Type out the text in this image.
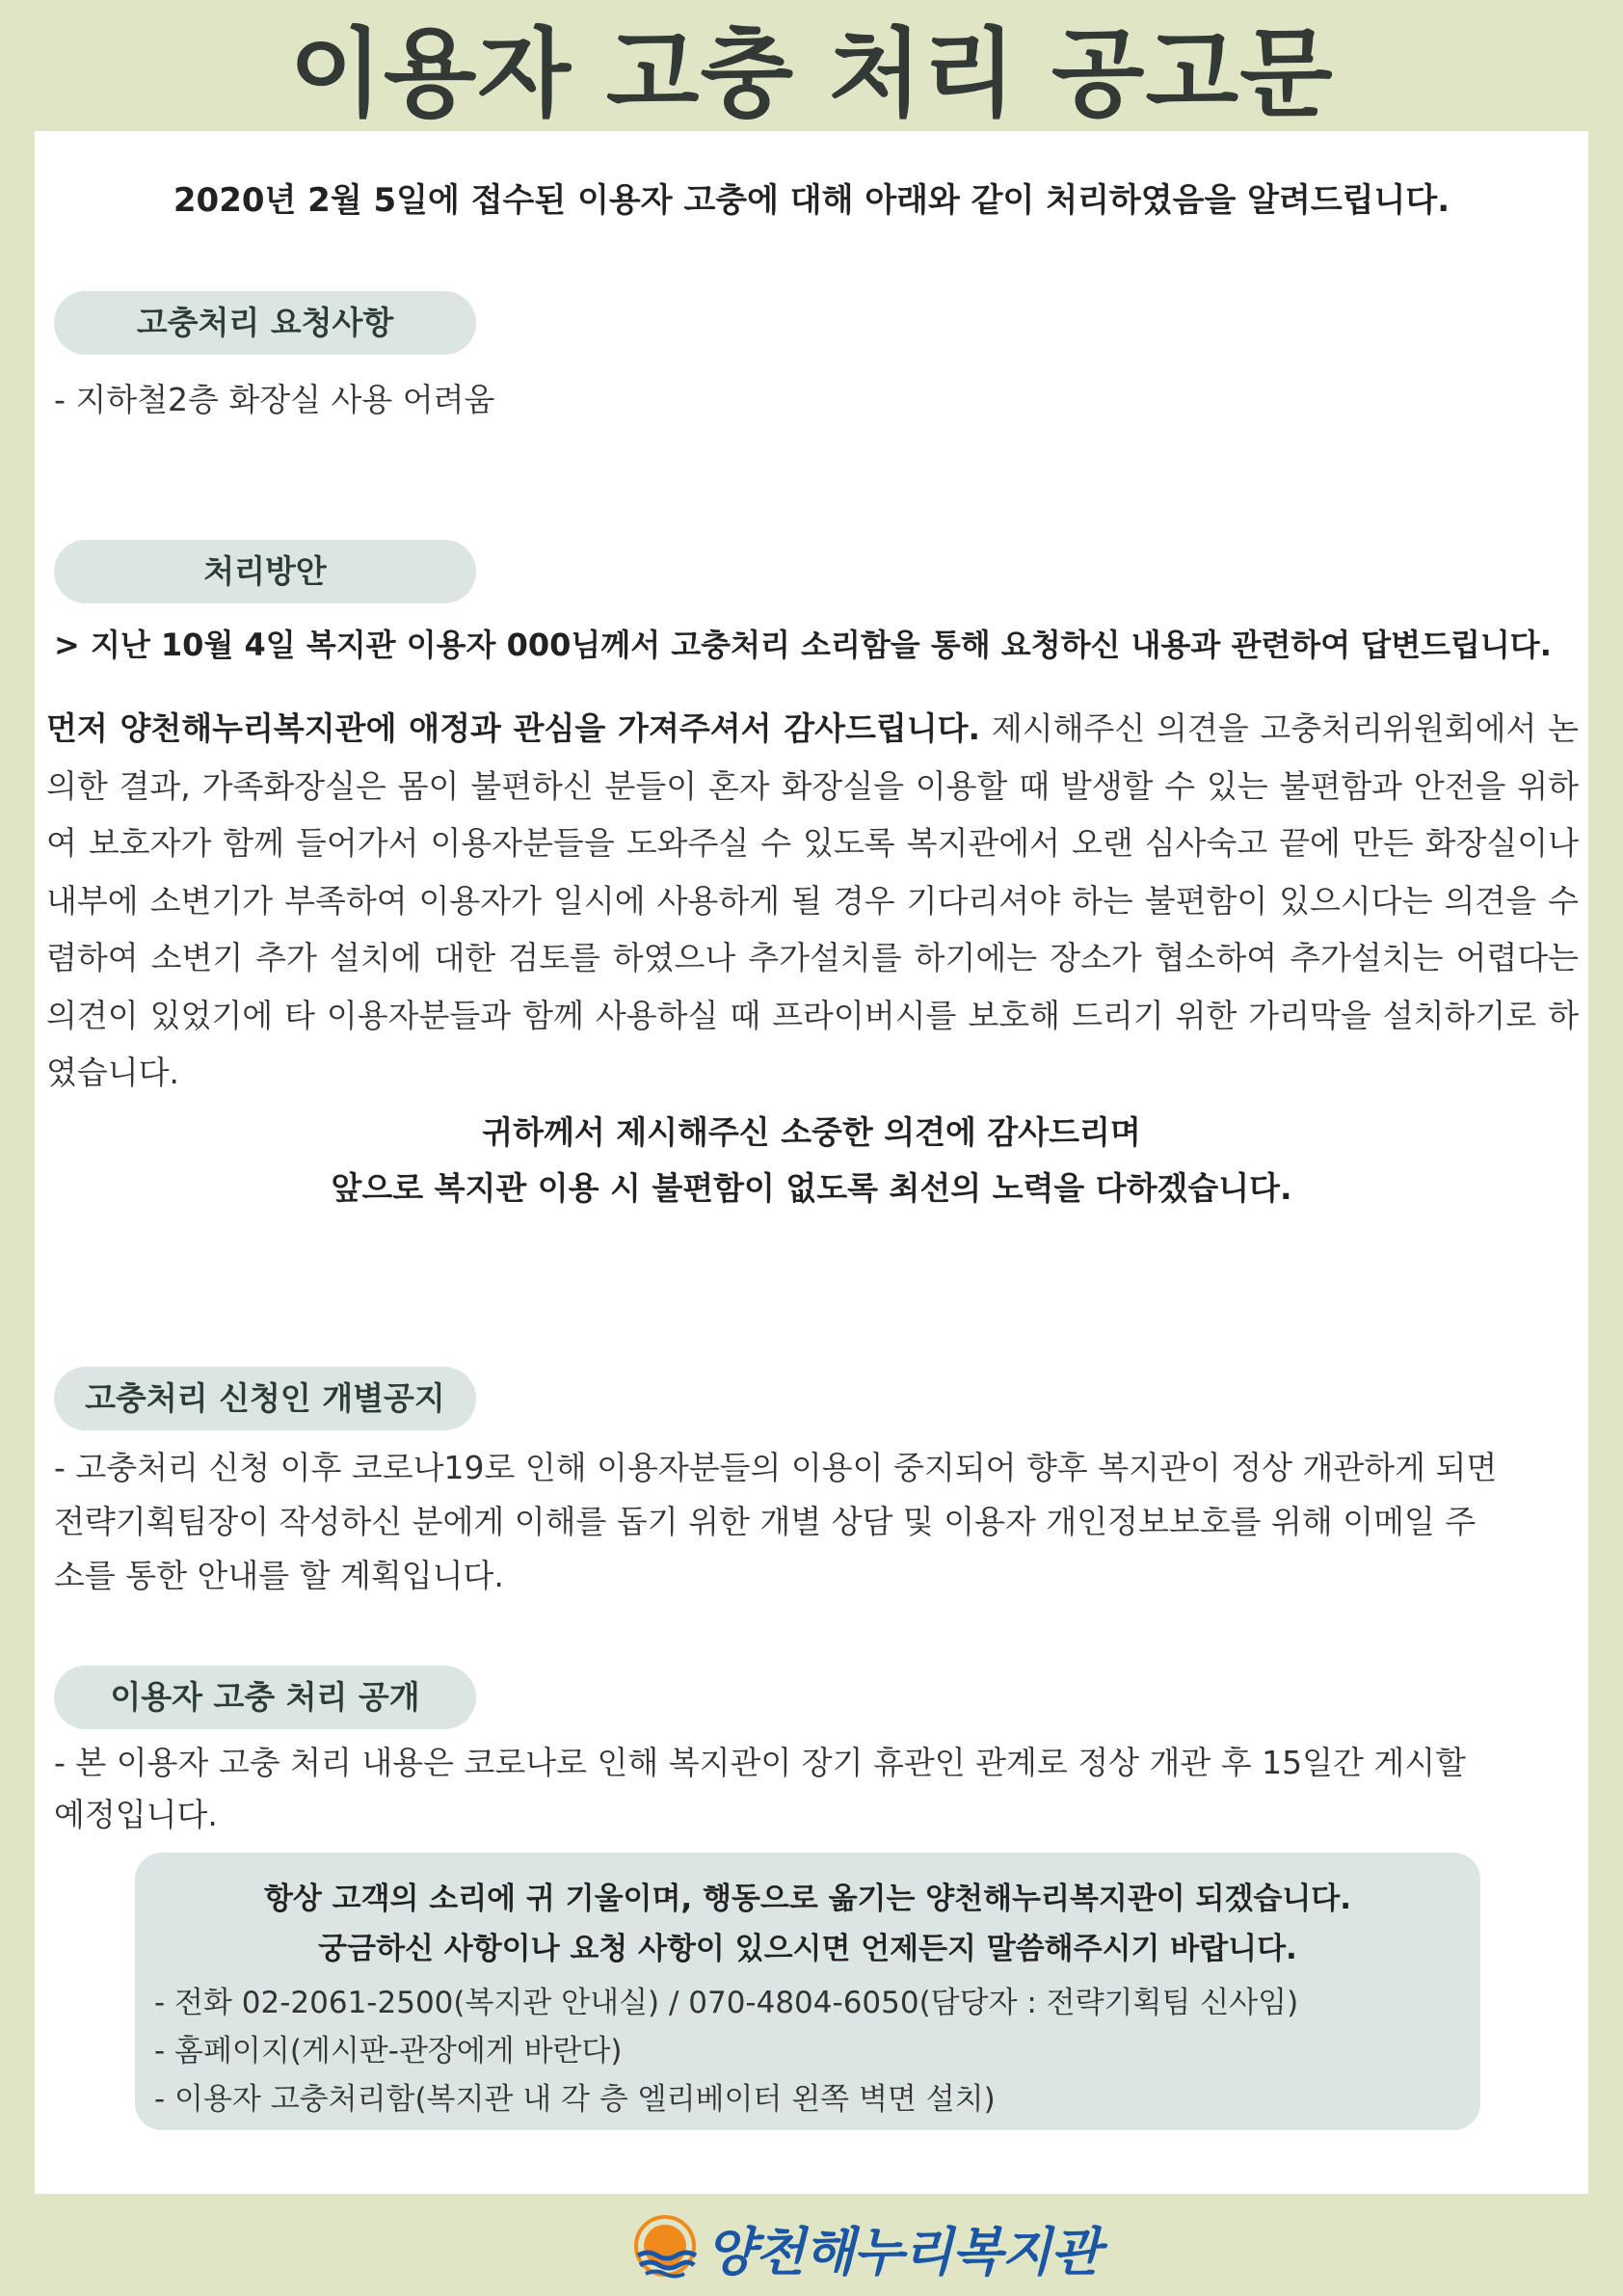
이용자 고충 처리 공고문

2020년 2월 5일에 접수된 이용자 고충에 대해 아래와 같이 처리하였음을 알려드립니다.

고충처리 요청사항

- 지하철2층 화장실 사용 어려움

처리방안

> 지난 10월 4일 복지관 이용자 000님께서 고충처리 소리함을 통해 요청하신 내용과 관련하여 답변드립니다.

먼저 양천해누리복지관에 애정과 관심을 가져주셔서 감사드립니다. 제시해주신 의견을 고충처리위원회에서 논의한 결과, 가족화장실은 몸이 불편하신 분들이 혼자 화장실을 이용할 때 발생할 수 있는 불편함과 안전을 위하여 보호자가 함께 들어가서 이용자분들을 도와주실 수 있도록 복지관에서 오랜 심사숙고 끝에 만든 화장실이나 내부에 소변기가 부족하여 이용자가 일시에 사용하게 될 경우 기다리셔야 하는 불편함이 있으시다는 의견을 수렴하여 소변기 추가 설치에 대한 검토를 하였으나 추가설치를 하기에는 장소가 협소하여 추가설치는 어렵다는 의견이 있었기에 타 이용자분들과 함께 사용하실 때 프라이버시를 보호해 드리기 위한 가리막을 설치하기로 하였습니다.

귀하께서 제시해주신 소중한 의견에 감사드리며

앞으로 복지관 이용 시 불편함이 없도록 최선의 노력을 다하겠습니다.

고충처리 신청인 개별공지

- 고충처리 신청 이후 코로나19로 인해 이용자분들의 이용이 중지되어 향후 복지관이 정상 개관하게 되면

전략기획팀장이 작성하신 분에게 이해를 돕기 위한 개별 상담 및 이용자 개인정보보호를 위해 이메일 주

소를 통한 안내를 할 계획입니다.

이용자 고충 처리 공개

- 본 이용자 고충 처리 내용은 코로나로 인해 복지관이 장기 휴관인 관계로 정상 개관 후 15일간 게시할

예정입니다.

항상 고객의 소리에 귀 기울이며, 행동으로 옮기는 양천해누리복지관이 되겠습니다.

궁금하신 사항이나 요청 사항이 있으시면 언제든지 말씀해주시기 바랍니다.

- 전화 02-2061-2500(복지관 안내실) / 070-4804-6050(담당자 : 전략기획팀 신사임)

- 홈페이지(게시판-관장에게 바란다)

- 이용자 고충처리함(복지관 내 각 층 엘리베이터 왼쪽 벽면 설치)

양천해누리복지관
